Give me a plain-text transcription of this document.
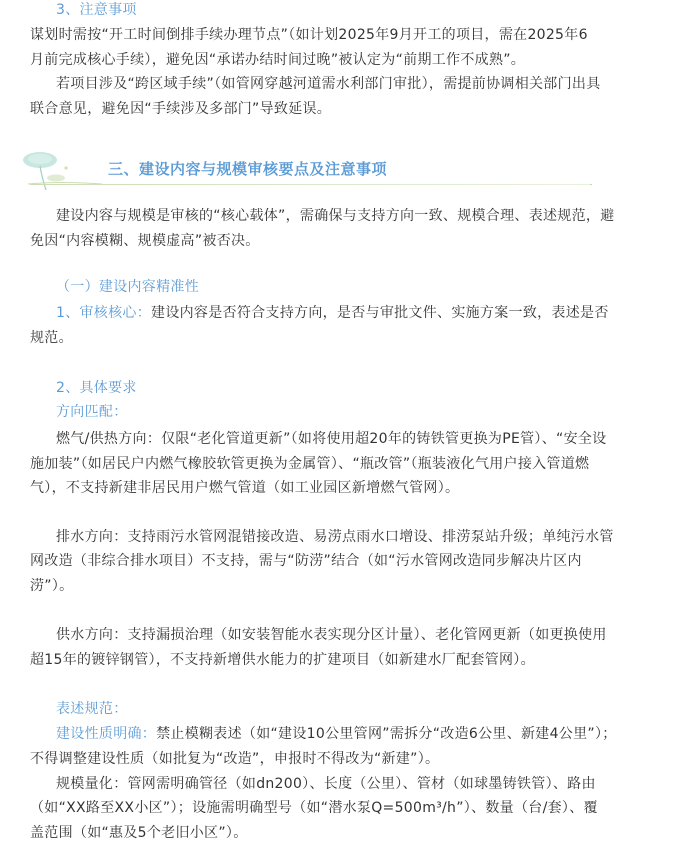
3、注意事项
谋划时需按“开工时间倒排手续办理节点”（如计划2025年9月开工的项目，需在2025年6
月前完成核心手续），避免因“承诺办结时间过晚”被认定为“前期工作不成熟”。
若项目涉及“跨区域手续”（如管网穿越河道需水利部门审批），需提前协调相关部门出具
联合意见，避免因“手续涉及多部门”导致延误。
三、建设内容与规模审核要点及注意事项
建设内容与规模是审核的“核心载体”，需确保与支持方向一致、规模合理、表述规范，避
免因“内容模糊、规模虚高”被否决。
（一）建设内容精准性
1、审核核心：建设内容是否符合支持方向，是否与审批文件、实施方案一致，表述是否
规范。
2、具体要求
方向匹配：
燃气/供热方向：仅限“老化管道更新”（如将使用超20年的铸铁管更换为PE管）、“安全设
施加装”（如居民户内燃气橡胶软管更换为金属管）、“瓶改管”（瓶装液化气用户接入管道燃
气），不支持新建非居民用户燃气管道（如工业园区新增燃气管网）。
排水方向：支持雨污水管网混错接改造、易涝点雨水口增设、排涝泵站升级；单纯污水管
网改造（非综合排水项目）不支持，需与“防涝”结合（如“污水管网改造同步解决片区内
涝”）。
供水方向：支持漏损治理（如安装智能水表实现分区计量）、老化管网更新（如更换使用
超15年的镀锌钢管），不支持新增供水能力的扩建项目（如新建水厂配套管网）。
表述规范：
建设性质明确：禁止模糊表述（如“建设10公里管网”需拆分“改造6公里、新建4公里”）；
不得调整建设性质（如批复为“改造”，申报时不得改为“新建”）。
规模量化：管网需明确管径（如dn200）、长度（公里）、管材（如球墨铸铁管）、路由
（如“XX路至XX小区”）；设施需明确型号（如“潜水泵Q=500m³/h”）、数量（台/套）、覆
盖范围（如“惠及5个老旧小区”）。
